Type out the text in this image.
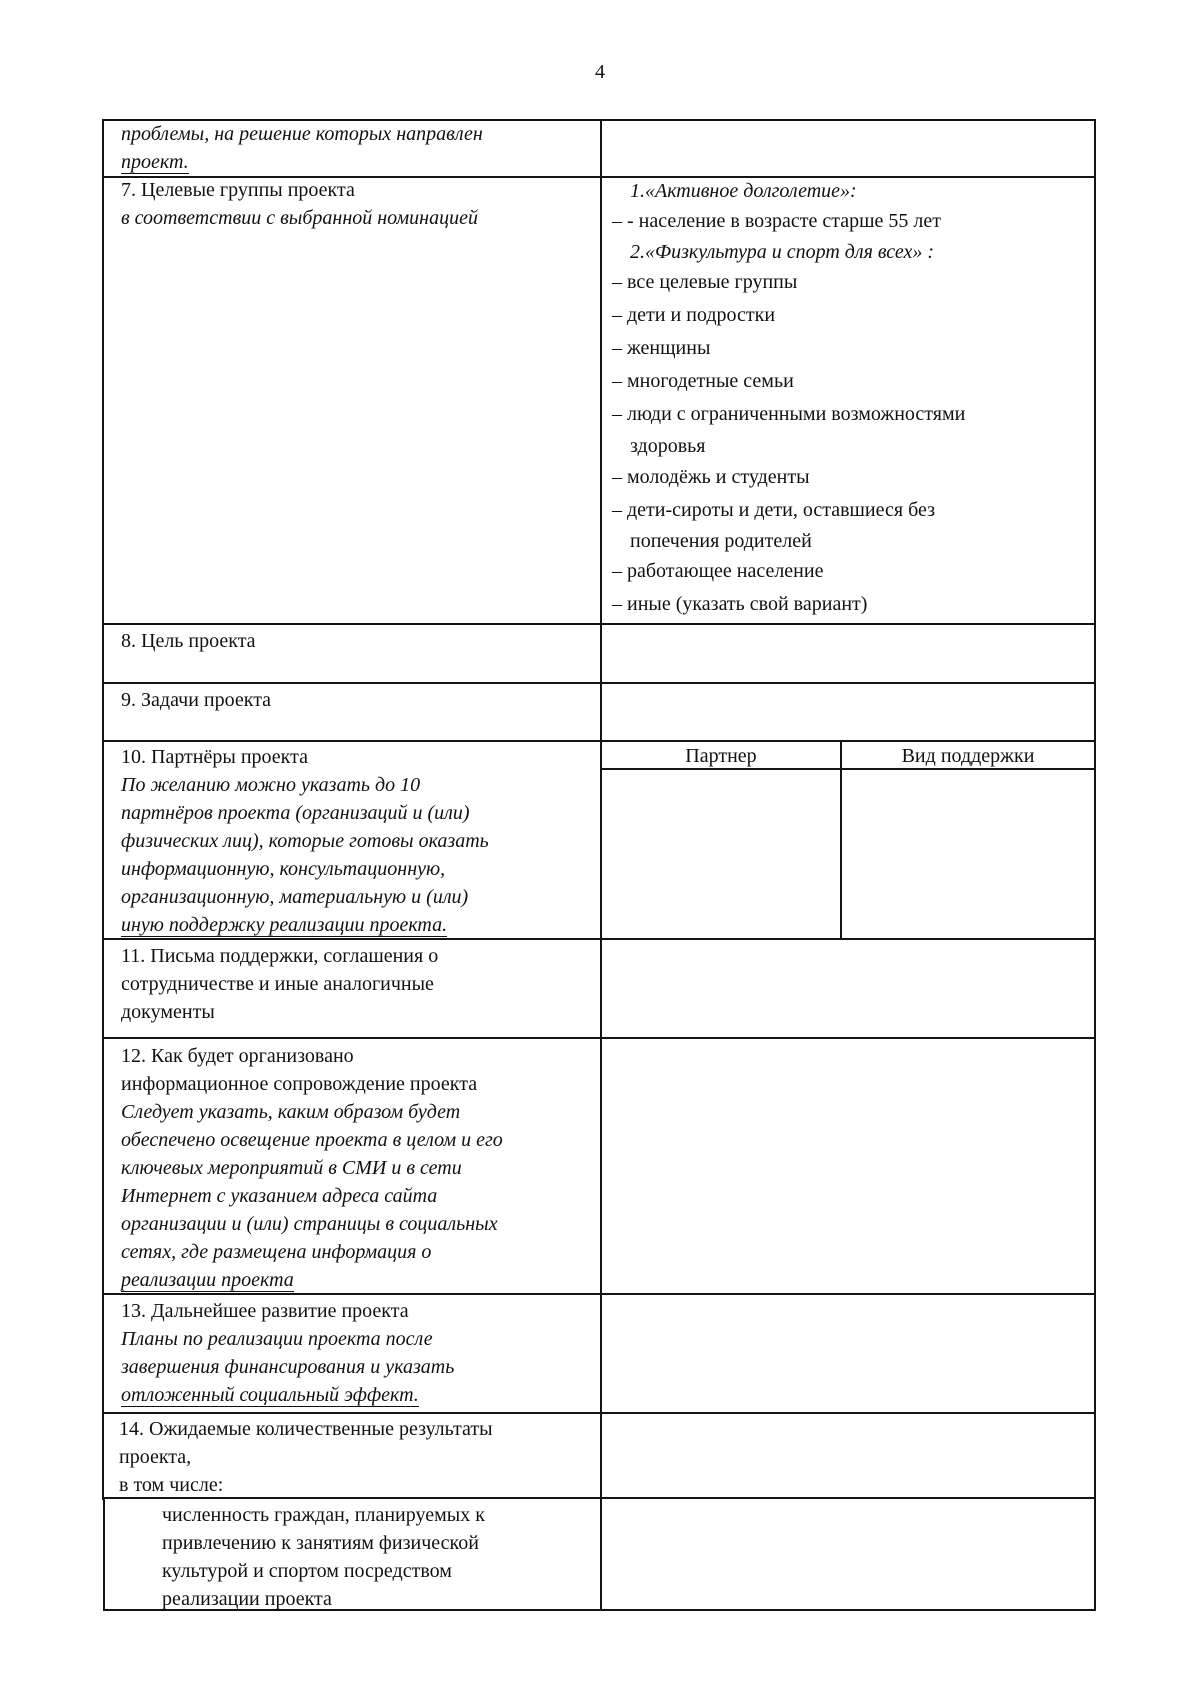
4
проблемы, на решение которых направлен
проект.
7. Целевые группы проекта
в соответствии с выбранной номинацией
1.«Активное долголетие»:
– - население в возрасте старше 55 лет
2.«Физкультура и спорт для всех» :
– все целевые группы
– дети и подростки
– женщины
– многодетные семьи
– люди с ограниченными возможностями
здоровья
– молодёжь и студенты
– дети-сироты и дети, оставшиеся без
попечения родителей
– работающее население
– иные (указать свой вариант)
8. Цель проекта
9. Задачи проекта
10. Партнёры проекта
По желанию можно указать до 10
партнёров проекта (организаций и (или)
физических лиц), которые готовы оказать
информационную, консультационную,
организационную, материальную и (или)
иную поддержку реализации проекта.
Партнер	Вид поддержки
11. Письма поддержки, соглашения о
сотрудничестве и иные аналогичные
документы
12. Как будет организовано
информационное сопровождение проекта
Следует указать, каким образом будет
обеспечено освещение проекта в целом и его
ключевых мероприятий в СМИ и в сети
Интернет с указанием адреса сайта
организации и (или) страницы в социальных
сетях, где размещена информация о
реализации проекта
13. Дальнейшее развитие проекта
Планы по реализации проекта после
завершения финансирования и указать
отложенный социальный эффект.
14. Ожидаемые количественные результаты
проекта,
в том числе:
численность граждан, планируемых к
привлечению к занятиям физической
культурой и спортом посредством
реализации проекта
